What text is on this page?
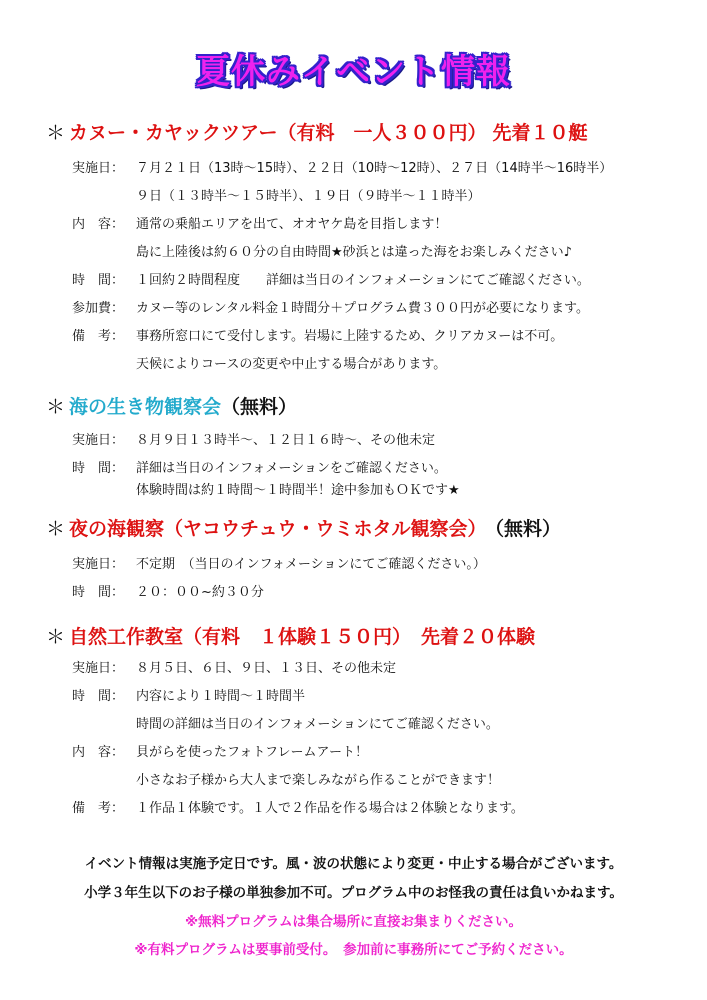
夏休みイベント情報
＊ カヌー・カヤックツアー（有料　一人３００円） 先着１０艇
実施日： ７月２１日（13時～15時）、２２日（10時～12時）、２７日（14時半～16時半）
９日（１３時半～１５時半）、１９日（９時半～１１時半）
内　容： 通常の乗船エリアを出て、オオヤケ島を目指します！
島に上陸後は約６０分の自由時間★砂浜とは違った海をお楽しみください♪
時　間： １回約２時間程度　　詳細は当日のインフォメーションにてご確認ください。
参加費： カヌー等のレンタル料金１時間分＋プログラム費３００円が必要になります。
備　考： 事務所窓口にて受付します。岩場に上陸するため、クリアカヌーは不可。
天候によりコースの変更や中止する場合があります。
＊ 海の生き物観察会（無料）
実施日： ８月９日１３時半～、１２日１６時～、その他未定
時　間： 詳細は当日のインフォメーションをご確認ください。
体験時間は約１時間～１時間半！途中参加もＯＫです★
＊ 夜の海観察（ヤコウチュウ・ウミホタル観察会） （無料）
実施日： 不定期　（当日のインフォメーションにてご確認ください。）
時　間： ２０：００~約３０分
＊ 自然工作教室（有料　１体験１５０円） 先着２０体験
実施日： ８月５日、６日、９日、１３日、その他未定
時　間： 内容により１時間～１時間半
時間の詳細は当日のインフォメーションにてご確認ください。
内　容： 貝がらを使ったフォトフレームアート！
小さなお子様から大人まで楽しみながら作ることができます！
備　考： １作品１体験です。１人で２作品を作る場合は２体験となります。
イベント情報は実施予定日です。風・波の状態により変更・中止する場合がございます。
小学３年生以下のお子様の単独参加不可。プログラム中のお怪我の責任は負いかねます。
※無料プログラムは集合場所に直接お集まりください。
※有料プログラムは要事前受付。　参加前に事務所にてご予約ください。
